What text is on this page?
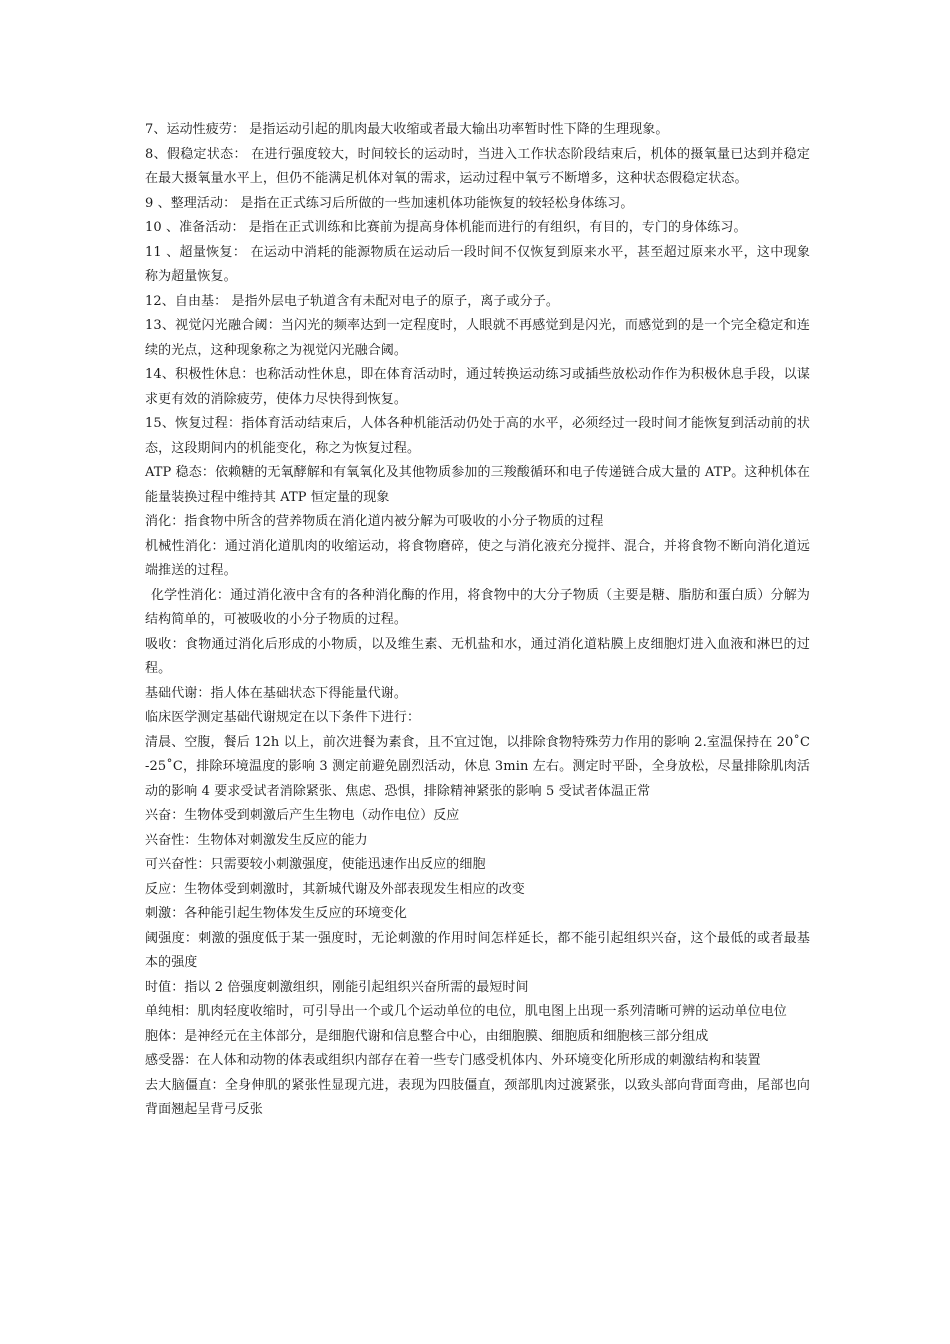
7、运动性疲劳： 是指运动引起的肌肉最大收缩或者最大输出功率暂时性下降的生理现象。

8、假稳定状态： 在进行强度较大，时间较长的运动时，当进入工作状态阶段结束后，机体的摄氧量已达到并稳定在最大摄氧量水平上，但仍不能满足机体对氧的需求，运动过程中氧亏不断增多，这种状态假稳定状态。

9 、整理活动： 是指在正式练习后所做的一些加速机体功能恢复的较轻松身体练习。

10 、准备活动： 是指在正式训练和比赛前为提高身体机能而进行的有组织，有目的，专门的身体练习。

11 、超量恢复： 在运动中消耗的能源物质在运动后一段时间不仅恢复到原来水平，甚至超过原来水平，这中现象称为超量恢复。

12、自由基： 是指外层电子轨道含有未配对电子的原子，离子或分子。

13、视觉闪光融合阈：当闪光的频率达到一定程度时，人眼就不再感觉到是闪光，而感觉到的是一个完全稳定和连续的光点，这种现象称之为视觉闪光融合阈。

14、积极性休息：也称活动性休息，即在体育活动时，通过转换运动练习或插些放松动作作为积极休息手段，以谋求更有效的消除疲劳，使体力尽快得到恢复。

15、恢复过程：指体育活动结束后，人体各种机能活动仍处于高的水平，必须经过一段时间才能恢复到活动前的状态，这段期间内的机能变化，称之为恢复过程。

ATP 稳态：依赖糖的无氧酵解和有氧氧化及其他物质参加的三羧酸循环和电子传递链合成大量的 ATP。这种机体在能量装换过程中维持其 ATP 恒定量的现象

消化：指食物中所含的营养物质在消化道内被分解为可吸收的小分子物质的过程

机械性消化：通过消化道肌肉的收缩运动，将食物磨碎，使之与消化液充分搅拌、混合，并将食物不断向消化道远端推送的过程。

化学性消化：通过消化液中含有的各种消化酶的作用，将食物中的大分子物质（主要是糖、脂肪和蛋白质）分解为结构简单的，可被吸收的小分子物质的过程。

吸收：食物通过消化后形成的小物质，以及维生素、无机盐和水，通过消化道粘膜上皮细胞灯进入血液和淋巴的过程。

基础代谢：指人体在基础状态下得能量代谢。

临床医学测定基础代谢规定在以下条件下进行：

清晨、空腹，餐后 12h 以上，前次进餐为素食，且不宜过饱，以排除食物特殊劳力作用的影响 2.室温保持在 20˚C-25˚C，排除环境温度的影响 3 测定前避免剧烈活动，休息 3min 左右。测定时平卧，全身放松，尽量排除肌肉活动的影响 4 要求受试者消除紧张、焦虑、恐惧，排除精神紧张的影响 5 受试者体温正常

兴奋：生物体受到刺激后产生生物电（动作电位）反应

兴奋性：生物体对刺激发生反应的能力

可兴奋性：只需要较小刺激强度，使能迅速作出反应的细胞

反应：生物体受到刺激时，其新城代谢及外部表现发生相应的改变

刺激：各种能引起生物体发生反应的环境变化

阈强度：刺激的强度低于某一强度时，无论刺激的作用时间怎样延长，都不能引起组织兴奋，这个最低的或者最基本的强度

时值：指以 2 倍强度刺激组织，刚能引起组织兴奋所需的最短时间

单纯相：肌肉轻度收缩时，可引导出一个或几个运动单位的电位，肌电图上出现一系列清晰可辨的运动单位电位

胞体：是神经元在主体部分，是细胞代谢和信息整合中心，由细胞膜、细胞质和细胞核三部分组成

感受器：在人体和动物的体表或组织内部存在着一些专门感受机体内、外环境变化所形成的刺激结构和装置

去大脑僵直：全身伸肌的紧张性显现亢进，表现为四肢僵直，颈部肌肉过渡紧张，以致头部向背面弯曲，尾部也向背面翘起呈背弓反张
